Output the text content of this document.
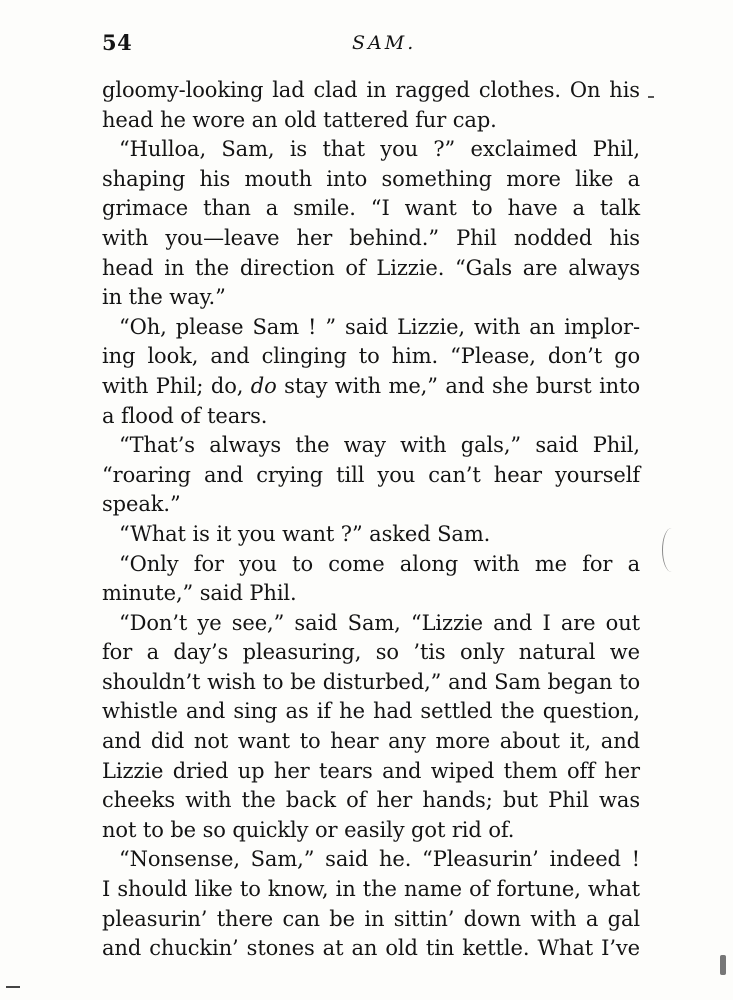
54	SAM.
gloomy-looking lad clad in ragged clothes. On his
head he wore an old tattered fur cap.
“Hulloa, Sam, is that you ?” exclaimed Phil,
shaping his mouth into something more like a
grimace than a smile. “I want to have a talk
with you—leave her behind.” Phil nodded his
head in the direction of Lizzie. “Gals are always
in the way.”
“Oh, please Sam ! ” said Lizzie, with an implor-
ing look, and clinging to him. “Please, don’t go
with Phil; do, do stay with me,” and she burst into
a flood of tears.
“That’s always the way with gals,” said Phil,
“roaring and crying till you can’t hear yourself
speak.”
“What is it you want ?” asked Sam.
“Only for you to come along with me for a
minute,” said Phil.
“Don’t ye see,” said Sam, “Lizzie and I are out
for a day’s pleasuring, so ’tis only natural we
shouldn’t wish to be disturbed,” and Sam began to
whistle and sing as if he had settled the question,
and did not want to hear any more about it, and
Lizzie dried up her tears and wiped them off her
cheeks with the back of her hands; but Phil was
not to be so quickly or easily got rid of.
“Nonsense, Sam,” said he. “Pleasurin’ indeed !
I should like to know, in the name of fortune, what
pleasurin’ there can be in sittin’ down with a gal
and chuckin’ stones at an old tin kettle. What I’ve
